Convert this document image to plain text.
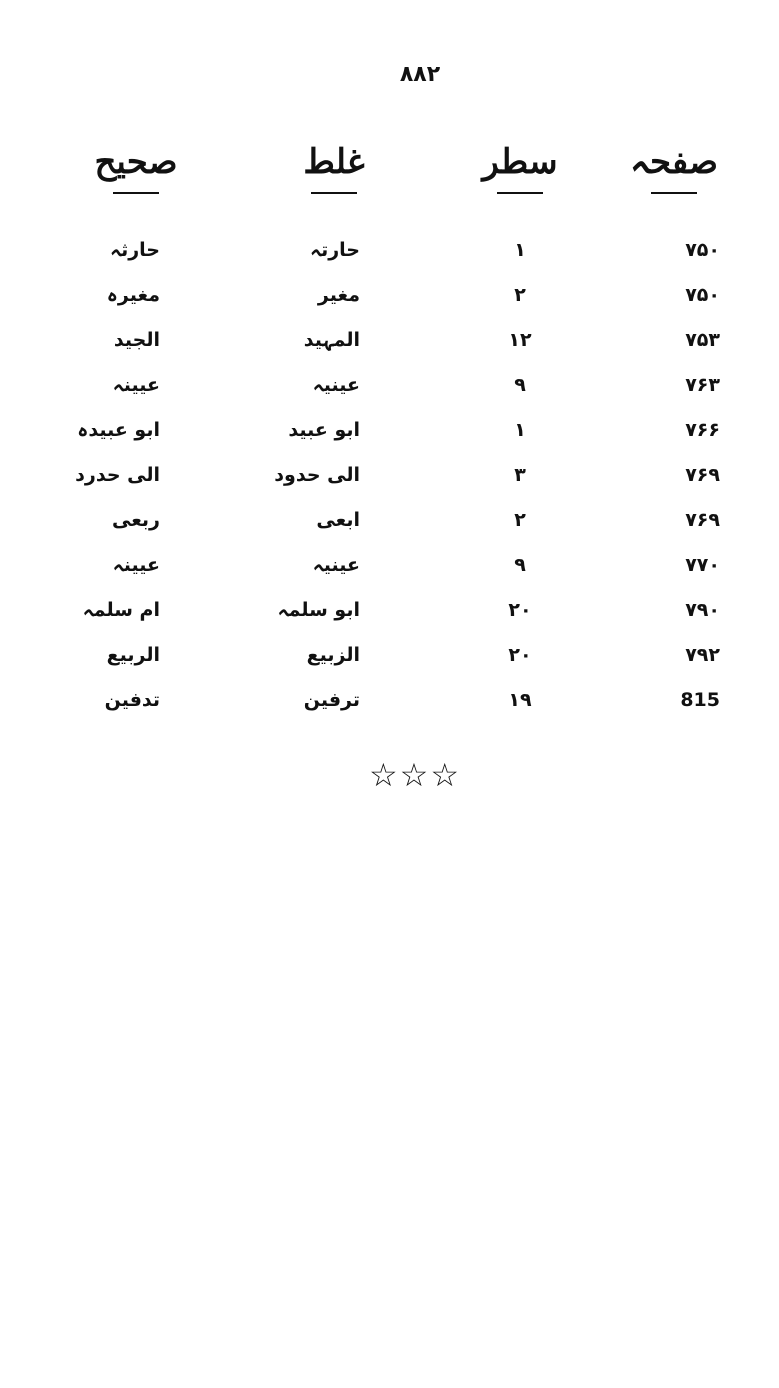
۸۸۲
صفحہ
سطر
غلط
صحیح
۷۵۰
۱
حارتہ
حارثہ
۷۵۰
۲
مغیر
مغیرہ
۷۵۳
۱۲
المہید
الجید
۷۶۳
۹
عینیہ
عیینہ
۷۶۶
۱
ابو عبید
ابو عبیدہ
۷۶۹
۳
الی حدود
الی حدرد
۷۶۹
۲
ابعی
ربعی
۷۷۰
۹
عینیہ
عیینہ
۷۹۰
۲۰
ابو سلمہ
ام سلمہ
۷۹۲
۲۰
الزبیع
الربیع
815
۱۹
ترفین
تدفین
☆☆☆
